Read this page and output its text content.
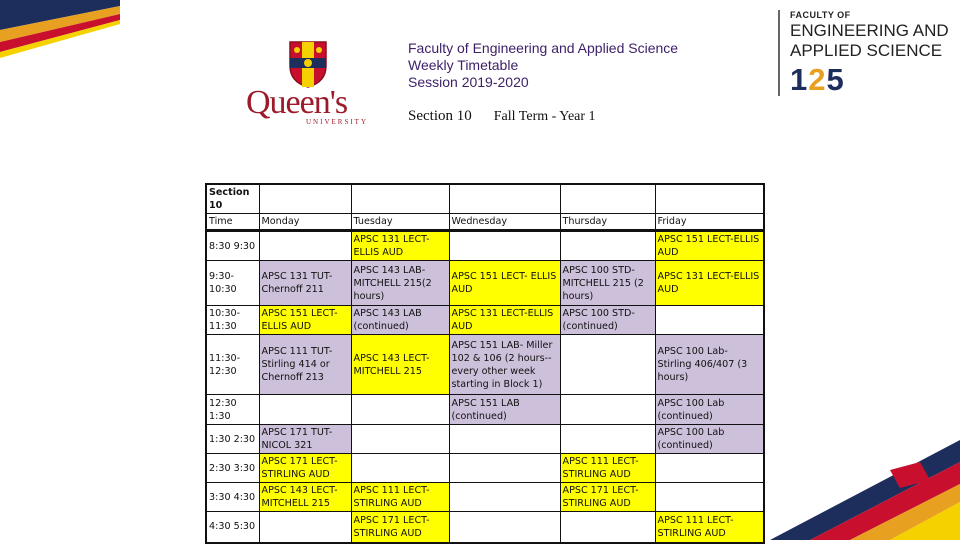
Queen's
UNIVERSITY
Faculty of Engineering and Applied Science
Weekly Timetable
Session 2019-2020
Section 10 Fall Term - Year 1
FACULTY OF
ENGINEERING AND
APPLIED SCIENCE
125
Section 10					
Time	Monday	Tuesday	Wednesday	Thursday	Friday
8:30 9:30		APSC 131 LECT-ELLIS AUD			APSC 151 LECT-ELLIS AUD
9:30-10:30	APSC 131 TUT-Chernoff 211	APSC 143 LAB-MITCHELL 215(2 hours)	APSC 151 LECT- ELLIS AUD	APSC 100 STD-MITCHELL 215 (2 hours)	APSC 131 LECT-ELLIS AUD
10:30-11:30	APSC 151 LECT-ELLIS AUD	APSC 143 LAB (continued)	APSC 131 LECT-ELLIS AUD	APSC 100 STD-(continued)	
11:30-12:30	APSC 111 TUT-Stirling 414 or Chernoff 213	APSC 143 LECT-MITCHELL 215	APSC 151 LAB- Miller 102 & 106 (2 hours--every other week starting in Block 1)		APSC 100 Lab- Stirling 406/407 (3 hours)
12:30 1:30			APSC 151 LAB (continued)		APSC 100 Lab (continued)
1:30 2:30	APSC 171 TUT-NICOL 321				APSC 100 Lab (continued)
2:30 3:30	APSC 171 LECT-STIRLING AUD			APSC 111 LECT-STIRLING AUD	
3:30 4:30	APSC 143 LECT-MITCHELL 215	APSC 111 LECT-STIRLING AUD		APSC 171 LECT-STIRLING AUD	
4:30 5:30		APSC 171 LECT-STIRLING AUD			APSC 111 LECT-STIRLING AUD
